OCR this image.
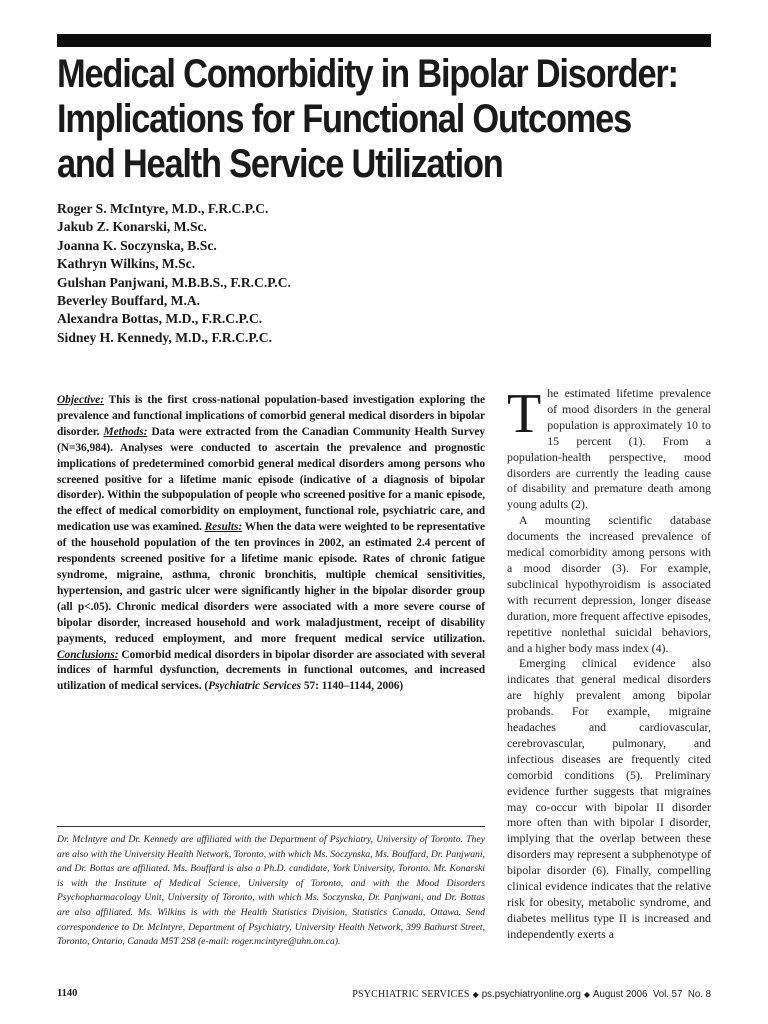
Medical Comorbidity in Bipolar Disorder:
Implications for Functional Outcomes
and Health Service Utilization
Roger S. McIntyre, M.D., F.R.C.P.C.
Jakub Z. Konarski, M.Sc.
Joanna K. Soczynska, B.Sc.
Kathryn Wilkins, M.Sc.
Gulshan Panjwani, M.B.B.S., F.R.C.P.C.
Beverley Bouffard, M.A.
Alexandra Bottas, M.D., F.R.C.P.C.
Sidney H. Kennedy, M.D., F.R.C.P.C.
Objective: This is the first cross-national population-based investigation exploring the prevalence and functional implications of comorbid general medical disorders in bipolar disorder. Methods: Data were extracted from the Canadian Community Health Survey (N=36,984). Analyses were conducted to ascertain the prevalence and prognostic implications of predetermined comorbid general medical disorders among persons who screened positive for a lifetime manic episode (indicative of a diagnosis of bipolar disorder). Within the subpopulation of people who screened positive for a manic episode, the effect of medical comorbidity on employment, functional role, psychiatric care, and medication use was examined. Results: When the data were weighted to be representative of the household population of the ten provinces in 2002, an estimated 2.4 percent of respondents screened positive for a lifetime manic episode. Rates of chronic fatigue syndrome, migraine, asthma, chronic bronchitis, multiple chemical sensitivities, hypertension, and gastric ulcer were significantly higher in the bipolar disorder group (all p<.05). Chronic medical disorders were associated with a more severe course of bipolar disorder, increased household and work maladjustment, receipt of disability payments, reduced employment, and more frequent medical service utilization. Conclusions: Comorbid medical disorders in bipolar disorder are associated with several indices of harmful dysfunction, decrements in functional outcomes, and increased utilization of medical services. (Psychiatric Services 57: 1140–1144, 2006)

Dr. McIntyre and Dr. Kennedy are affiliated with the Department of Psychiatry, University of Toronto. They are also with the University Health Network, Toronto, with which Ms. Soczynska, Ms. Bouffard, Dr. Panjwani, and Dr. Bottas are affiliated. Ms. Bouffard is also a Ph.D. candidate, York University, Toronto. Mr. Konarski is with the Institute of Medical Science, University of Toronto, and with the Mood Disorders Psychopharmacology Unit, University of Toronto, with which Ms. Soczynska, Dr. Panjwani, and Dr. Bottas are also affiliated. Ms. Wilkins is with the Health Statistics Division, Statistics Canada, Ottawa. Send correspondence to Dr. McIntyre, Department of Psychiatry, University Health Network, 399 Bathurst Street, Toronto, Ontario, Canada M5T 2S8 (e-mail: roger.mcintyre@uhn.on.ca).

The estimated lifetime prevalence of mood disorders in the general population is approximately 10 to 15 percent (1). From a population-health perspective, mood disorders are currently the leading cause of disability and premature death among young adults (2).

A mounting scientific database documents the increased prevalence of medical comorbidity among persons with a mood disorder (3). For example, subclinical hypothyroidism is associated with recurrent depression, longer disease duration, more frequent affective episodes, repetitive nonlethal suicidal behaviors, and a higher body mass index (4).

Emerging clinical evidence also indicates that general medical disorders are highly prevalent among bipolar probands. For example, migraine headaches and cardiovascular, cerebrovascular, pulmonary, and infectious diseases are frequently cited comorbid conditions (5). Preliminary evidence further suggests that migraines may co-occur with bipolar II disorder more often than with bipolar I disorder, implying that the overlap between these disorders may represent a subphenotype of bipolar disorder (6). Finally, compelling clinical evidence indicates that the relative risk for obesity, metabolic syndrome, and diabetes mellitus type II is increased and independently exerts a

1140	PSYCHIATRIC SERVICES ◆ ps.psychiatryonline.org ◆ August 2006 Vol. 57 No. 8
